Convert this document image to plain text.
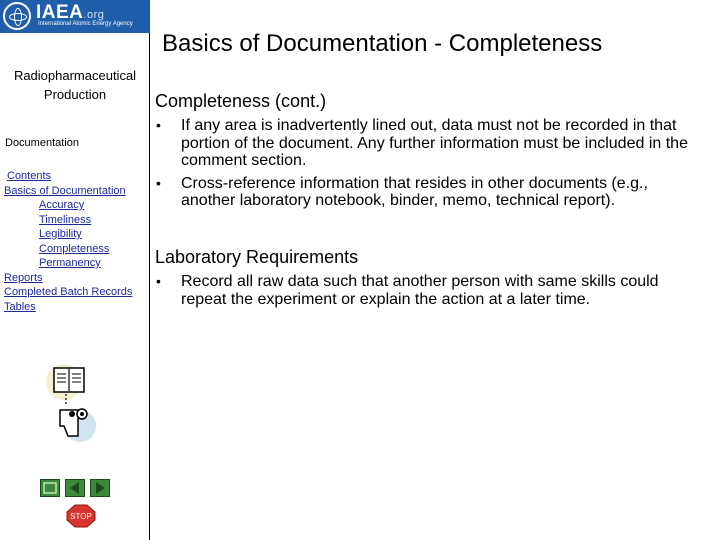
IAEA.org
International Atomic Energy Agency
Radiopharmaceutical Production
Documentation
Contents
Basics of Documentation
Accuracy
Timeliness
Legibility
Completeness
Permanency
Reports
Completed Batch Records
Tables
STOP
Basics of Documentation - Completeness
Completeness (cont.)
• If any area is inadvertently lined out, data must not be recorded in that portion of the document. Any further information must be included in the comment section.
• Cross-reference information that resides in other documents (e.g., another laboratory notebook, binder, memo, technical report).
Laboratory Requirements
• Record all raw data such that another person with same skills could repeat the experiment or explain the action at a later time.
